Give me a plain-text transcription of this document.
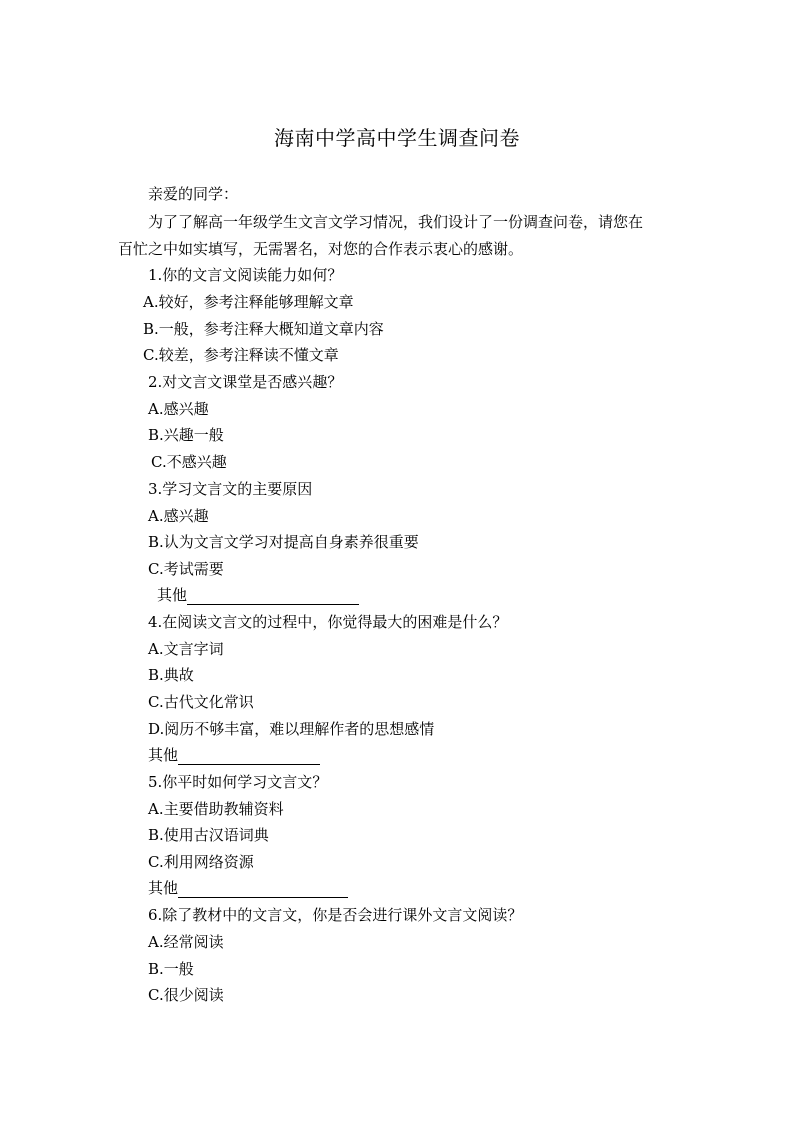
海南中学高中学生调查问卷
亲爱的同学：
为了了解高一年级学生文言文学习情况，我们设计了一份调查问卷，请您在
百忙之中如实填写，无需署名，对您的合作表示衷心的感谢。
1.你的文言文阅读能力如何？
A.较好，参考注释能够理解文章
B.一般，参考注释大概知道文章内容
C.较差，参考注释读不懂文章
2.对文言文课堂是否感兴趣？
A.感兴趣
B.兴趣一般
C.不感兴趣
3.学习文言文的主要原因
A.感兴趣
B.认为文言文学习对提高自身素养很重要
C.考试需要
其他
4.在阅读文言文的过程中，你觉得最大的困难是什么？
A.文言字词
B.典故
C.古代文化常识
D.阅历不够丰富，难以理解作者的思想感情
其他
5.你平时如何学习文言文？
A.主要借助教辅资料
B.使用古汉语词典
C.利用网络资源
其他
6.除了教材中的文言文，你是否会进行课外文言文阅读？
A.经常阅读
B.一般
C.很少阅读
